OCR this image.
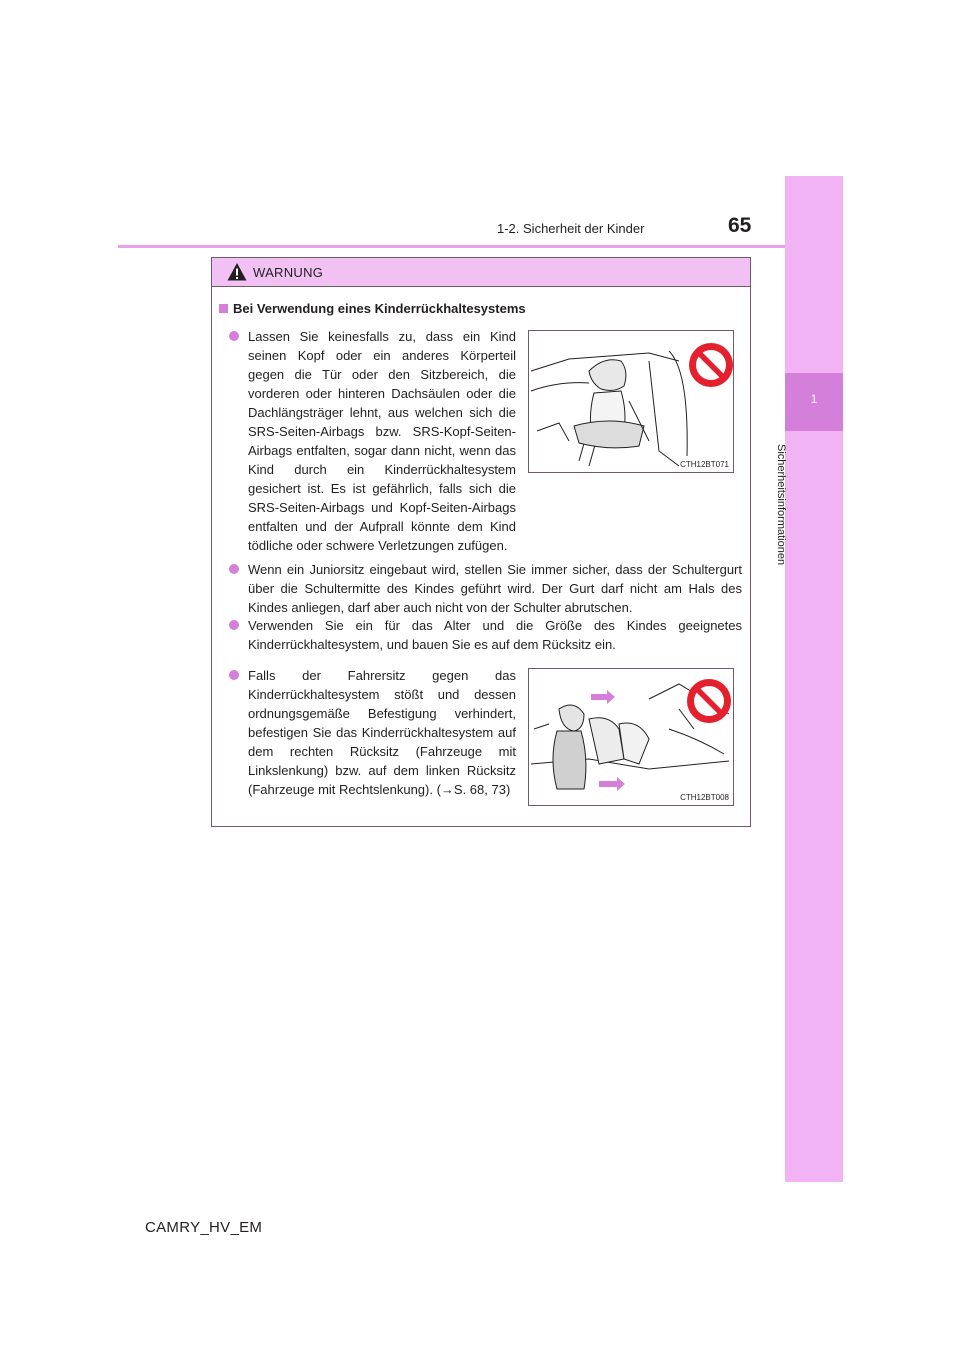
1-2. Sicherheit der Kinder	65
1
Sicherheitsinformationen
WARNUNG
Bei Verwendung eines Kinderrückhaltesystems
Lassen Sie keinesfalls zu, dass ein Kind seinen Kopf oder ein anderes Körperteil gegen die Tür oder den Sitzbereich, die vorderen oder hinteren Dachsäulen oder die Dachlängsträger lehnt, aus welchen sich die SRS-Seiten-Airbags bzw. SRS-Kopf-Seiten-Airbags entfalten, sogar dann nicht, wenn das Kind durch ein Kinderrückhaltesystem gesichert ist. Es ist gefährlich, falls sich die SRS-Seiten-Airbags und Kopf-Seiten-Airbags entfalten und der Aufprall könnte dem Kind tödliche oder schwere Verletzungen zufügen.
CTH12BT071
Wenn ein Juniorsitz eingebaut wird, stellen Sie immer sicher, dass der Schultergurt über die Schultermitte des Kindes geführt wird. Der Gurt darf nicht am Hals des Kindes anliegen, darf aber auch nicht von der Schulter abrutschen.
Verwenden Sie ein für das Alter und die Größe des Kindes geeignetes Kinderrückhaltesystem, und bauen Sie es auf dem Rücksitz ein.
Falls der Fahrersitz gegen das Kinderrückhaltesystem stößt und dessen ordnungsgemäße Befestigung verhindert, befestigen Sie das Kinderrückhaltesystem auf dem rechten Rücksitz (Fahrzeuge mit Linkslenkung) bzw. auf dem linken Rücksitz (Fahrzeuge mit Rechtslenkung). (→S. 68, 73)
CTH12BT008
CAMRY_HV_EM
